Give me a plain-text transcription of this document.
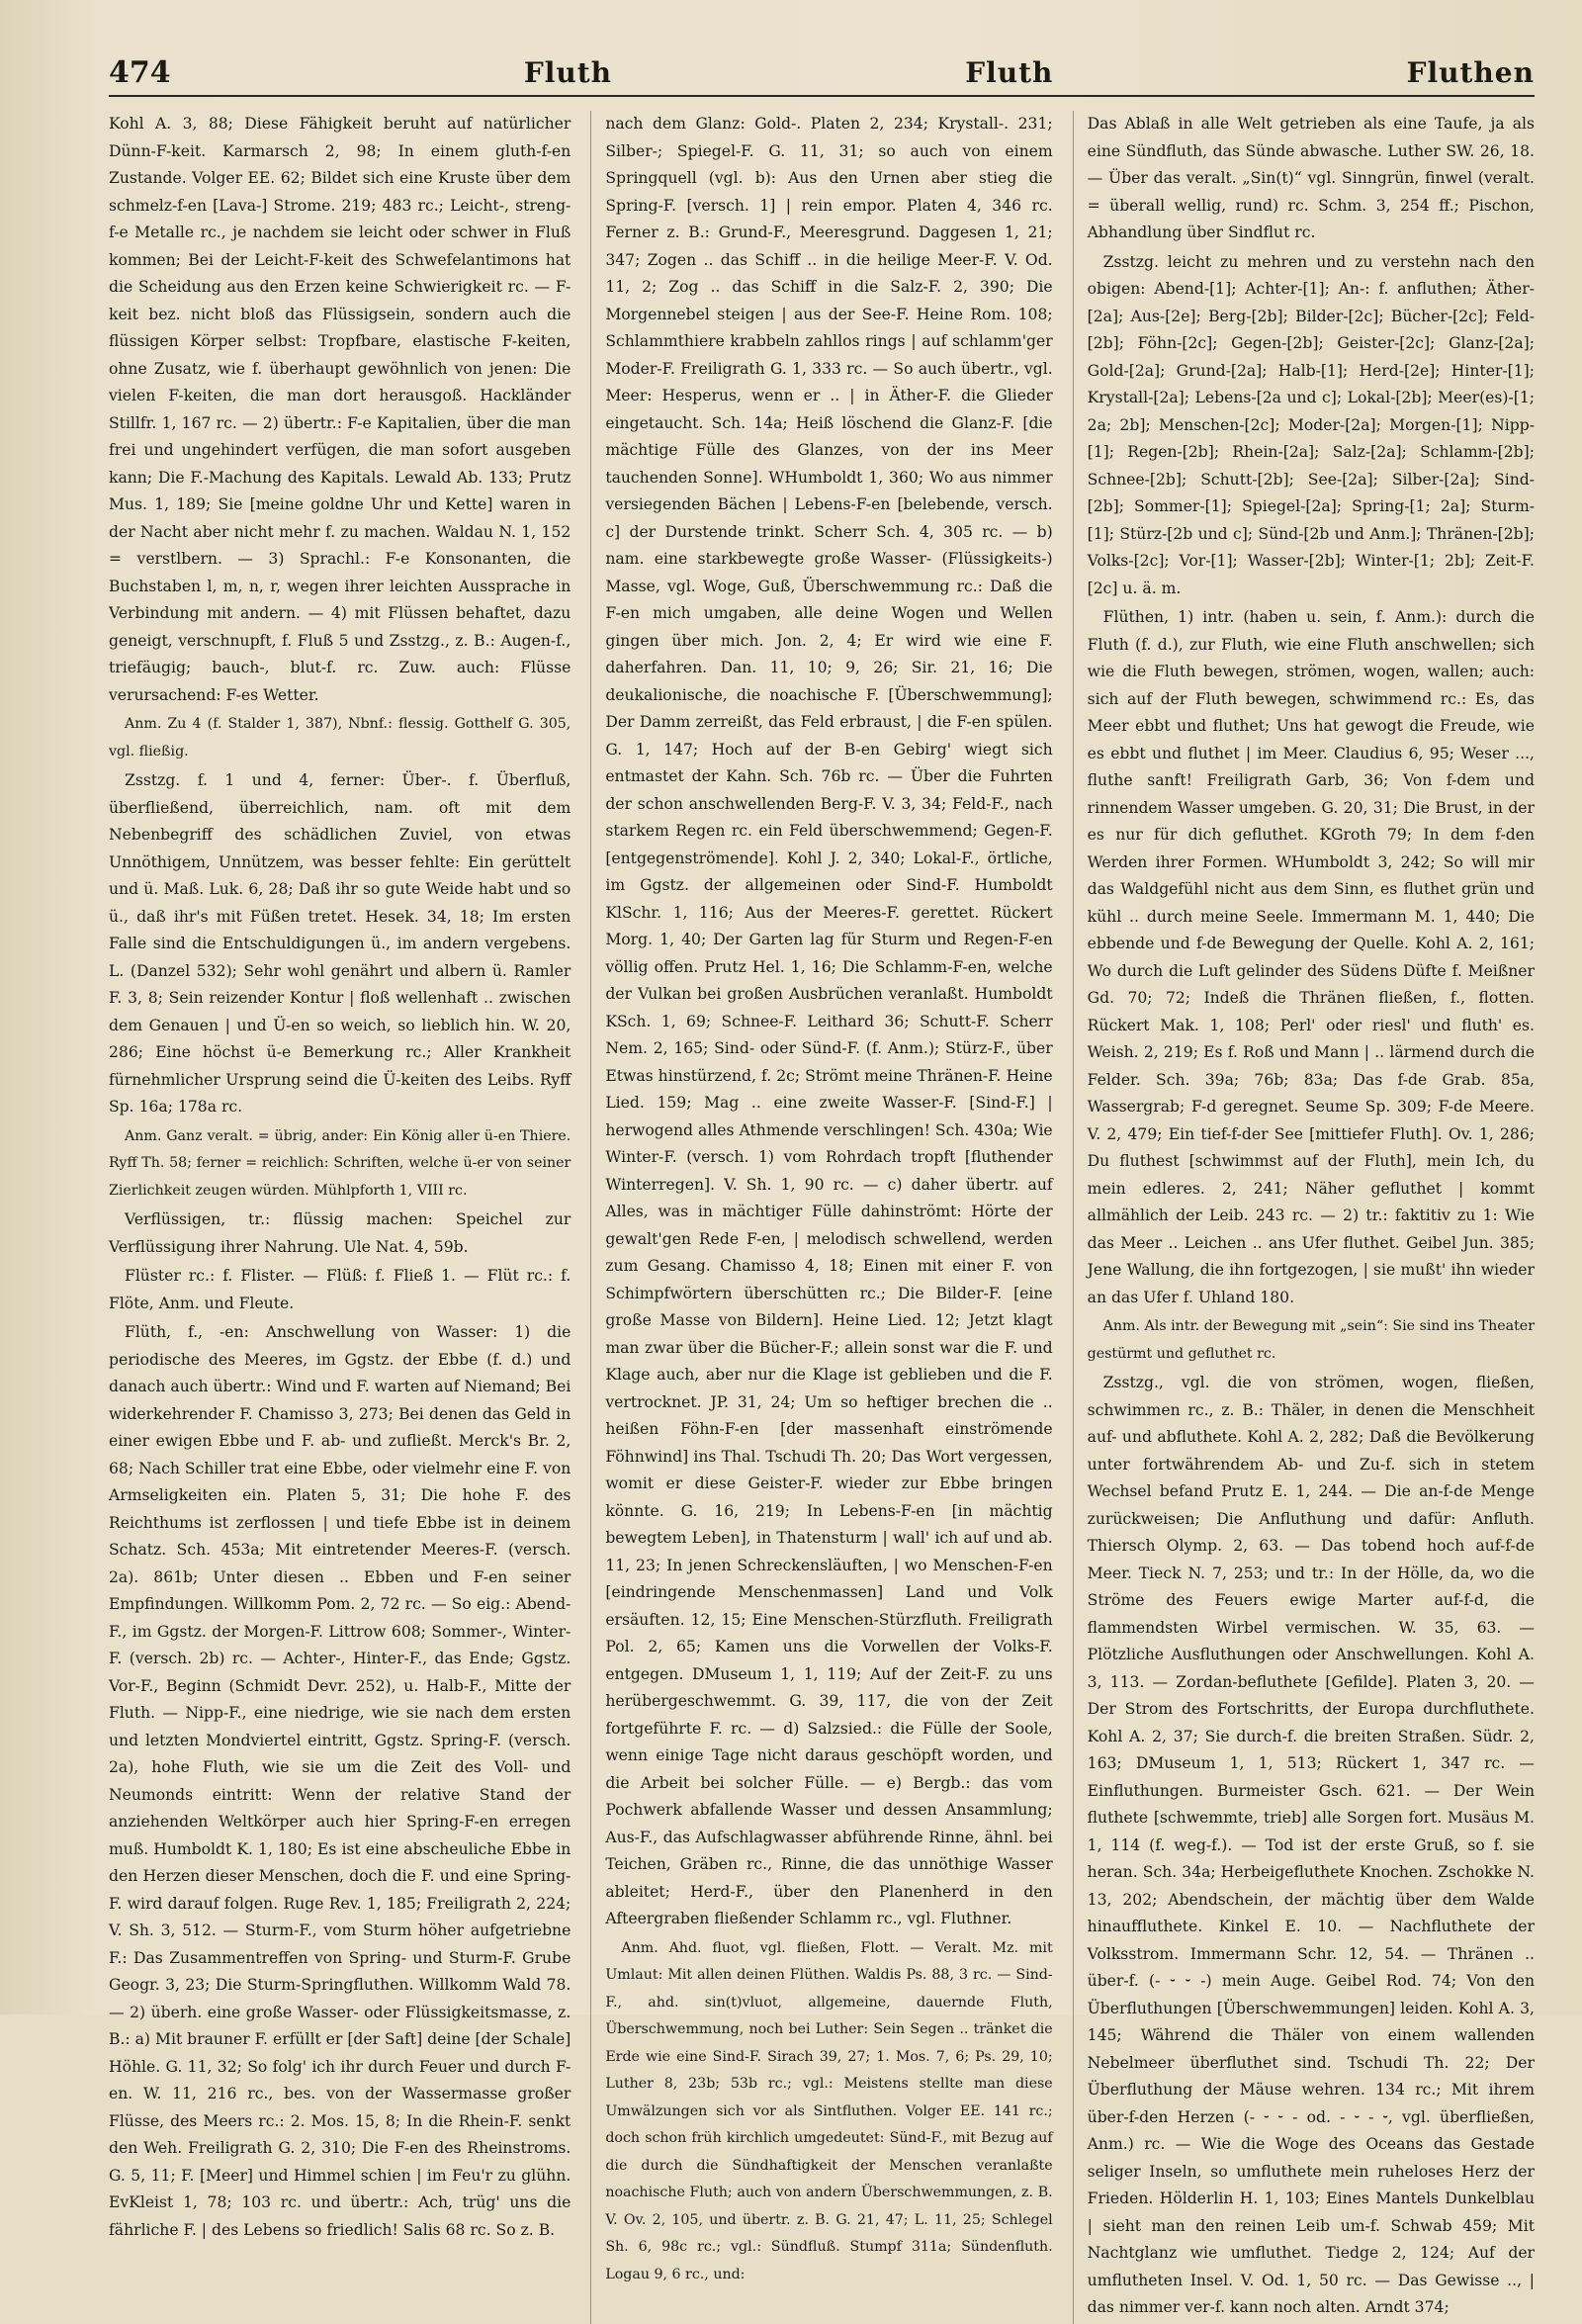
474	Fluth	Fluth	Fluthen

Kohl A. 3, 88; Diese Fähigkeit beruht auf natürlicher Dünn-F-keit. Karmarsch 2, 98; In einem gluth-f-en Zustande. Volger EE. 62; Bildet sich eine Kruste über dem schmelz-f-en [Lava-] Strome. 219; 483 rc.; Leicht-, streng-f-e Metalle rc., je nachdem sie leicht oder schwer in Fluß kommen; Bei der Leicht-F-keit des Schwefelantimons hat die Scheidung aus den Erzen keine Schwierigkeit rc. — F-keit bez. nicht bloß das Flüssigsein, sondern auch die flüssigen Körper selbst: Tropfbare, elastische F-keiten, ohne Zusatz, wie f. überhaupt gewöhnlich von jenen: Die vielen F-keiten, die man dort herausgoß. Hackländer Stillfr. 1, 167 rc. — 2) übertr.: F-e Kapitalien, über die man frei und ungehindert verfügen, die man sofort ausgeben kann; Die F.-Machung des Kapitals. Lewald Ab. 133; Prutz Mus. 1, 189; Sie [meine goldne Uhr und Kette] waren in der Nacht aber nicht mehr f. zu machen. Waldau N. 1, 152 = verstlbern. — 3) Sprachl.: F-e Konsonanten, die Buchstaben l, m, n, r, wegen ihrer leichten Aussprache in Verbindung mit andern. — 4) mit Flüssen behaftet, dazu geneigt, verschnupft, f. Fluß 5 und Zsstzg., z. B.: Augen-f., triefäugig; bauch-, blut-f. rc. Zuw. auch: Flüsse verursachend: F-es Wetter.

Anm. Zu 4 (f. Stalder 1, 387), Nbnf.: flessig. Gotthelf G. 305, vgl. fließig.

Zsstzg. f. 1 und 4, ferner: Über-. f. Überfluß, überfließend, überreichlich, nam. oft mit dem Nebenbegriff des schädlichen Zuviel, von etwas Unnöthigem, Unnützem, was besser fehlte: Ein gerüttelt und ü. Maß. Luk. 6, 28; Daß ihr so gute Weide habt und so ü., daß ihr's mit Füßen tretet. Hesek. 34, 18; Im ersten Falle sind die Entschuldigungen ü., im andern vergebens. L. (Danzel 532); Sehr wohl genährt und albern ü. Ramler F. 3, 8; Sein reizender Kontur | floß wellenhaft .. zwischen dem Genauen | und Ü-en so weich, so lieblich hin. W. 20, 286; Eine höchst ü-e Bemerkung rc.; Aller Krankheit fürnehmlicher Ursprung seind die Ü-keiten des Leibs. Ryff Sp. 16a; 178a rc.

Anm. Ganz veralt. = übrig, ander: Ein König aller ü-en Thiere. Ryff Th. 58; ferner = reichlich: Schriften, welche ü-er von seiner Zierlichkeit zeugen würden. Mühlpforth 1, VIII rc.

Verflüssigen, tr.: flüssig machen: Speichel zur Verflüssigung ihrer Nahrung. Ule Nat. 4, 59b.

Flüster rc.: f. Flister. — Flüß: f. Fließ 1. — Flüt rc.: f. Flöte, Anm. und Fleute.

Flüth, f., -en: Anschwellung von Wasser: 1) die periodische des Meeres, im Ggstz. der Ebbe (f. d.) und danach auch übertr.: Wind und F. warten auf Niemand; Bei widerkehrender F. Chamisso 3, 273; Bei denen das Geld in einer ewigen Ebbe und F. ab- und zufließt. Merck's Br. 2, 68; Nach Schiller trat eine Ebbe, oder vielmehr eine F. von Armseligkeiten ein. Platen 5, 31; Die hohe F. des Reichthums ist zerflossen | und tiefe Ebbe ist in deinem Schatz. Sch. 453a; Mit eintretender Meeres-F. (versch. 2a). 861b; Unter diesen .. Ebben und F-en seiner Empfindungen. Willkomm Pom. 2, 72 rc. — So eig.: Abend-F., im Ggstz. der Morgen-F. Littrow 608; Sommer-, Winter-F. (versch. 2b) rc. — Achter-, Hinter-F., das Ende; Ggstz. Vor-F., Beginn (Schmidt Devr. 252), u. Halb-F., Mitte der Fluth. — Nipp-F., eine niedrige, wie sie nach dem ersten und letzten Mondviertel eintritt, Ggstz. Spring-F. (versch. 2a), hohe Fluth, wie sie um die Zeit des Voll- und Neumonds eintritt: Wenn der relative Stand der anziehenden Weltkörper auch hier Spring-F-en erregen muß. Humboldt K. 1, 180; Es ist eine abscheuliche Ebbe in den Herzen dieser Menschen, doch die F. und eine Spring-F. wird darauf folgen. Ruge Rev. 1, 185; Freiligrath 2, 224; V. Sh. 3, 512. — Sturm-F., vom Sturm höher aufgetriebne F.: Das Zusammentreffen von Spring- und Sturm-F. Grube Geogr. 3, 23; Die Sturm-Springfluthen. Willkomm Wald 78. — 2) überh. eine große Wasser- oder Flüssigkeitsmasse, z. B.: a) Mit brauner F. erfüllt er [der Saft] deine [der Schale] Höhle. G. 11, 32; So folg' ich ihr durch Feuer und durch F-en. W. 11, 216 rc., bes. von der Wassermasse großer Flüsse, des Meers rc.: 2. Mos. 15, 8; In die Rhein-F. senkt den Weh. Freiligrath G. 2, 310; Die F-en des Rheinstroms. G. 5, 11; F. [Meer] und Himmel schien | im Feu'r zu glühn. EvKleist 1, 78; 103 rc. und übertr.: Ach, trüg' uns die fährliche F. | des Lebens so friedlich! Salis 68 rc. So z. B.

nach dem Glanz: Gold-. Platen 2, 234; Krystall-. 231; Silber-; Spiegel-F. G. 11, 31; so auch von einem Springquell (vgl. b): Aus den Urnen aber stieg die Spring-F. [versch. 1] | rein empor. Platen 4, 346 rc. Ferner z. B.: Grund-F., Meeresgrund. Daggesen 1, 21; 347; Zogen .. das Schiff .. in die heilige Meer-F. V. Od. 11, 2; Zog .. das Schiff in die Salz-F. 2, 390; Die Morgennebel steigen | aus der See-F. Heine Rom. 108; Schlammthiere krabbeln zahllos rings | auf schlamm'ger Moder-F. Freiligrath G. 1, 333 rc. — So auch übertr., vgl. Meer: Hesperus, wenn er .. | in Äther-F. die Glieder eingetaucht. Sch. 14a; Heiß löschend die Glanz-F. [die mächtige Fülle des Glanzes, von der ins Meer tauchenden Sonne]. WHumboldt 1, 360; Wo aus nimmer versiegenden Bächen | Lebens-F-en [belebende, versch. c] der Durstende trinkt. Scherr Sch. 4, 305 rc. — b) nam. eine starkbewegte große Wasser- (Flüssigkeits-) Masse, vgl. Woge, Guß, Überschwemmung rc.: Daß die F-en mich umgaben, alle deine Wogen und Wellen gingen über mich. Jon. 2, 4; Er wird wie eine F. daherfahren. Dan. 11, 10; 9, 26; Sir. 21, 16; Die deukalionische, die noachische F. [Überschwemmung]; Der Damm zerreißt, das Feld erbraust, | die F-en spülen. G. 1, 147; Hoch auf der B-en Gebirg' wiegt sich entmastet der Kahn. Sch. 76b rc. — Über die Fuhrten der schon anschwellenden Berg-F. V. 3, 34; Feld-F., nach starkem Regen rc. ein Feld überschwemmend; Gegen-F. [entgegenströmende]. Kohl J. 2, 340; Lokal-F., örtliche, im Ggstz. der allgemeinen oder Sind-F. Humboldt KlSchr. 1, 116; Aus der Meeres-F. gerettet. Rückert Morg. 1, 40; Der Garten lag für Sturm und Regen-F-en völlig offen. Prutz Hel. 1, 16; Die Schlamm-F-en, welche der Vulkan bei großen Ausbrüchen veranlaßt. Humboldt KSch. 1, 69; Schnee-F. Leithard 36; Schutt-F. Scherr Nem. 2, 165; Sind- oder Sünd-F. (f. Anm.); Stürz-F., über Etwas hinstürzend, f. 2c; Strömt meine Thränen-F. Heine Lied. 159; Mag .. eine zweite Wasser-F. [Sind-F.] | herwogend alles Athmende verschlingen! Sch. 430a; Wie Winter-F. (versch. 1) vom Rohrdach tropft [fluthender Winterregen]. V. Sh. 1, 90 rc. — c) daher übertr. auf Alles, was in mächtiger Fülle dahinströmt: Hörte der gewalt'gen Rede F-en, | melodisch schwellend, werden zum Gesang. Chamisso 4, 18; Einen mit einer F. von Schimpfwörtern überschütten rc.; Die Bilder-F. [eine große Masse von Bildern]. Heine Lied. 12; Jetzt klagt man zwar über die Bücher-F.; allein sonst war die F. und Klage auch, aber nur die Klage ist geblieben und die F. vertrocknet. JP. 31, 24; Um so heftiger brechen die .. heißen Föhn-F-en [der massenhaft einströmende Föhnwind] ins Thal. Tschudi Th. 20; Das Wort vergessen, womit er diese Geister-F. wieder zur Ebbe bringen könnte. G. 16, 219; In Lebens-F-en [in mächtig bewegtem Leben], in Thatensturm | wall' ich auf und ab. 11, 23; In jenen Schreckensläuften, | wo Menschen-F-en [eindringende Menschenmassen] Land und Volk ersäuften. 12, 15; Eine Menschen-Stürzfluth. Freiligrath Pol. 2, 65; Kamen uns die Vorwellen der Volks-F. entgegen. DMuseum 1, 1, 119; Auf der Zeit-F. zu uns herübergeschwemmt. G. 39, 117, die von der Zeit fortgeführte F. rc. — d) Salzsied.: die Fülle der Soole, wenn einige Tage nicht daraus geschöpft worden, und die Arbeit bei solcher Fülle. — e) Bergb.: das vom Pochwerk abfallende Wasser und dessen Ansammlung; Aus-F., das Aufschlagwasser abführende Rinne, ähnl. bei Teichen, Gräben rc., Rinne, die das unnöthige Wasser ableitet; Herd-F., über den Planenherd in den Afteergraben fließender Schlamm rc., vgl. Fluthner.

Anm. Ahd. fluot, vgl. fließen, Flott. — Veralt. Mz. mit Umlaut: Mit allen deinen Flüthen. Waldis Ps. 88, 3 rc. — Sind-F., ahd. sin(t)vluot, allgemeine, dauernde Fluth, Überschwemmung, noch bei Luther: Sein Segen .. tränket die Erde wie eine Sind-F. Sirach 39, 27; 1. Mos. 7, 6; Ps. 29, 10; Luther 8, 23b; 53b rc.; vgl.: Meistens stellte man diese Umwälzungen sich vor als Sintfluthen. Volger EE. 141 rc.; doch schon früh kirchlich umgedeutet: Sünd-F., mit Bezug auf die durch die Sündhaftigkeit der Menschen veranlaßte noachische Fluth; auch von andern Überschwemmungen, z. B. V. Ov. 2, 105, und übertr. z. B. G. 21, 47; L. 11, 25; Schlegel Sh. 6, 98c rc.; vgl.: Sündfluß. Stumpf 311a; Sündenfluth. Logau 9, 6 rc., und:

Das Ablaß in alle Welt getrieben als eine Taufe, ja als eine Sündfluth, das Sünde abwasche. Luther SW. 26, 18. — Über das veralt. „Sin(t)“ vgl. Sinngrün, finwel (veralt. = überall wellig, rund) rc. Schm. 3, 254 ff.; Pischon, Abhandlung über Sindflut rc.

Zsstzg. leicht zu mehren und zu verstehn nach den obigen: Abend-[1]; Achter-[1]; An-: f. anfluthen; Äther-[2a]; Aus-[2e]; Berg-[2b]; Bilder-[2c]; Bücher-[2c]; Feld-[2b]; Föhn-[2c]; Gegen-[2b]; Geister-[2c]; Glanz-[2a]; Gold-[2a]; Grund-[2a]; Halb-[1]; Herd-[2e]; Hinter-[1]; Krystall-[2a]; Lebens-[2a und c]; Lokal-[2b]; Meer(es)-[1; 2a; 2b]; Menschen-[2c]; Moder-[2a]; Morgen-[1]; Nipp-[1]; Regen-[2b]; Rhein-[2a]; Salz-[2a]; Schlamm-[2b]; Schnee-[2b]; Schutt-[2b]; See-[2a]; Silber-[2a]; Sind-[2b]; Sommer-[1]; Spiegel-[2a]; Spring-[1; 2a]; Sturm-[1]; Stürz-[2b und c]; Sünd-[2b und Anm.]; Thränen-[2b]; Volks-[2c]; Vor-[1]; Wasser-[2b]; Winter-[1; 2b]; Zeit-F. [2c] u. ä. m.

Flüthen, 1) intr. (haben u. sein, f. Anm.): durch die Fluth (f. d.), zur Fluth, wie eine Fluth anschwellen; sich wie die Fluth bewegen, strömen, wogen, wallen; auch: sich auf der Fluth bewegen, schwimmend rc.: Es, das Meer ebbt und fluthet; Uns hat gewogt die Freude, wie es ebbt und fluthet | im Meer. Claudius 6, 95; Weser ..., fluthe sanft! Freiligrath Garb, 36; Von f-dem und rinnendem Wasser umgeben. G. 20, 31; Die Brust, in der es nur für dich gefluthet. KGroth 79; In dem f-den Werden ihrer Formen. WHumboldt 3, 242; So will mir das Waldgefühl nicht aus dem Sinn, es fluthet grün und kühl .. durch meine Seele. Immermann M. 1, 440; Die ebbende und f-de Bewegung der Quelle. Kohl A. 2, 161; Wo durch die Luft gelinder des Südens Düfte f. Meißner Gd. 70; 72; Indeß die Thränen fließen, f., flotten. Rückert Mak. 1, 108; Perl' oder riesl' und fluth' es. Weish. 2, 219; Es f. Roß und Mann | .. lärmend durch die Felder. Sch. 39a; 76b; 83a; Das f-de Grab. 85a, Wassergrab; F-d geregnet. Seume Sp. 309; F-de Meere. V. 2, 479; Ein tief-f-der See [mittiefer Fluth]. Ov. 1, 286; Du fluthest [schwimmst auf der Fluth], mein Ich, du mein edleres. 2, 241; Näher gefluthet | kommt allmählich der Leib. 243 rc. — 2) tr.: faktitiv zu 1: Wie das Meer .. Leichen .. ans Ufer fluthet. Geibel Jun. 385; Jene Wallung, die ihn fortgezogen, | sie mußt' ihn wieder an das Ufer f. Uhland 180.

Anm. Als intr. der Bewegung mit „sein“: Sie sind ins Theater gestürmt und gefluthet rc.

Zsstzg., vgl. die von strömen, wogen, fließen, schwimmen rc., z. B.: Thäler, in denen die Menschheit auf- und abfluthete. Kohl A. 2, 282; Daß die Bevölkerung unter fortwährendem Ab- und Zu-f. sich in stetem Wechsel befand Prutz E. 1, 244. — Die an-f-de Menge zurückweisen; Die Anfluthung und dafür: Anfluth. Thiersch Olymp. 2, 63. — Das tobend hoch auf-f-de Meer. Tieck N. 7, 253; und tr.: In der Hölle, da, wo die Ströme des Feuers ewige Marter auf-f-d, die flammendsten Wirbel vermischen. W. 35, 63. — Plötzliche Ausfluthungen oder Anschwellungen. Kohl A. 3, 113. — Zordan-befluthete [Gefilde]. Platen 3, 20. — Der Strom des Fortschritts, der Europa durchfluthete. Kohl A. 2, 37; Sie durch-f. die breiten Straßen. Südr. 2, 163; DMuseum 1, 1, 513; Rückert 1, 347 rc. — Einfluthungen. Burmeister Gsch. 621. — Der Wein fluthete [schwemmte, trieb] alle Sorgen fort. Musäus M. 1, 114 (f. weg-f.). — Tod ist der erste Gruß, so f. sie heran. Sch. 34a; Herbeigefluthete Knochen. Zschokke N. 13, 202; Abendschein, der mächtig über dem Walde hinauffluthete. Kinkel E. 10. — Nachfluthete der Volksstrom. Immermann Schr. 12, 54. — Thränen .. über-f. (- ⏑ ⏑ -) mein Auge. Geibel Rod. 74; Von den Überfluthungen [Überschwemmungen] leiden. Kohl A. 3, 145; Während die Thäler von einem wallenden Nebelmeer überfluthet sind. Tschudi Th. 22; Der Überfluthung der Mäuse wehren. 134 rc.; Mit ihrem über-f-den Herzen (- ⏑ ⏑ - od. - ⏑ - ⏑, vgl. überfließen, Anm.) rc. — Wie die Woge des Oceans das Gestade seliger Inseln, so umfluthete mein ruheloses Herz der Frieden. Hölderlin H. 1, 103; Eines Mantels Dunkelblau | sieht man den reinen Leib um-f. Schwab 459; Mit Nachtglanz wie umfluthet. Tiedge 2, 124; Auf der umflutheten Insel. V. Od. 1, 50 rc. — Das Gewisse .., | das nimmer ver-f. kann noch alten. Arndt 374;
